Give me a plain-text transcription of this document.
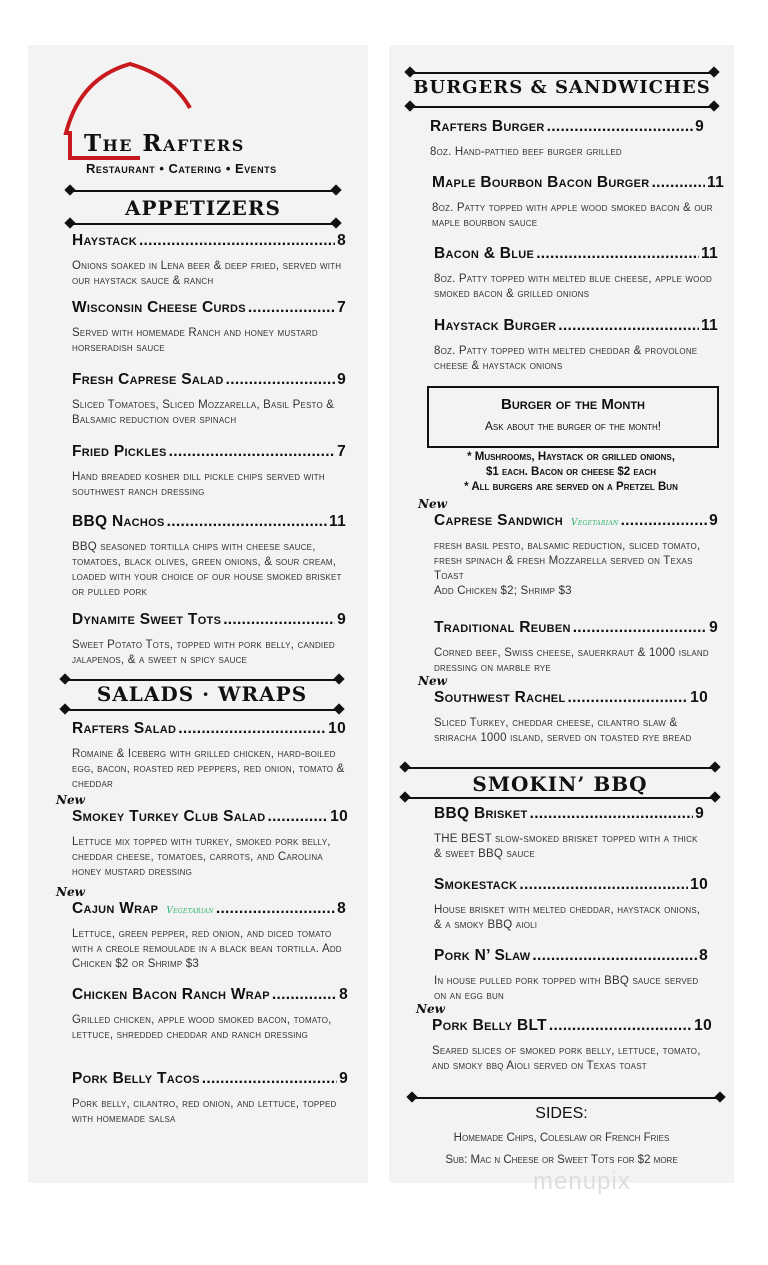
The Rafters
Restaurant • Catering • Events
APPETIZERS
SALADS · WRAPS
BURGERS & SANDWICHES
Burger of the Month
Ask about the burger of the month!
* Mushrooms, Haystack or grilled onions,
$1 each. Bacon or cheese $2 each
* All burgers are served on a Pretzel Bun
SMOKIN’ BBQ
SIDES:
Homemade Chips, Coleslaw or French Fries
Sub: Mac n Cheese or Sweet Tots for $2 more
menupix
Haystack .....	8
Onions soaked in Lena beer & deep fried, served with our haystack sauce & ranch
Wisconsin Cheese Curds .....	7
Served with homemade Ranch and honey mustard horseradish sauce
Fresh Caprese Salad .....	9
Sliced Tomatoes, Sliced Mozzarella, Basil Pesto & Balsamic reduction over spinach
Fried Pickles .....	7
Hand breaded kosher dill pickle chips served with southwest ranch dressing
BBQ Nachos .....	11
BBQ seasoned tortilla chips with cheese sauce, tomatoes, black olives, green onions, & sour cream, loaded with your choice of our house smoked brisket or pulled pork
Dynamite Sweet Tots .....	9
Sweet Potato Tots, topped with pork belly, candied jalapenos, & a sweet n spicy sauce
Rafters Salad .....	10
Romaine & Iceberg with grilled chicken, hard-boiled egg, bacon, roasted red peppers, red onion, tomato & cheddar
New
Smokey Turkey Club Salad .....	10
Lettuce mix topped with turkey, smoked pork belly, cheddar cheese, tomatoes, carrots, and Carolina honey mustard dressing
New
Cajun Wrap Vegetarian .....	8
Lettuce, green pepper, red onion, and diced tomato with a creole remoulade in a black bean tortilla. Add Chicken $2 or Shrimp $3
Chicken Bacon Ranch Wrap .....	8
Grilled chicken, apple wood smoked bacon, tomato, lettuce, shredded cheddar and ranch dressing
Pork Belly Tacos .....	9
Pork belly, cilantro, red onion, and lettuce, topped with homemade salsa
Rafters Burger .....	9
8oz. Hand-pattied beef burger grilled
Maple Bourbon Bacon Burger .....	11
8oz. Patty topped with apple wood smoked bacon & our maple bourbon sauce
Bacon & Blue .....	11
8oz. Patty topped with melted blue cheese, apple wood smoked bacon & grilled onions
Haystack Burger .....	11
8oz. Patty topped with melted cheddar & provolone cheese & haystack onions
New
Caprese Sandwich Vegetarian .....	9
fresh basil pesto, balsamic reduction, sliced tomato, fresh spinach & fresh Mozzarella served on Texas Toast
Add Chicken $2; Shrimp $3
Traditional Reuben .....	9
Corned beef, Swiss cheese, sauerkraut & 1000 island dressing on marble rye
New
Southwest Rachel .....	10
Sliced Turkey, cheddar cheese, cilantro slaw & sriracha 1000 island, served on toasted rye bread
BBQ Brisket .....	9
THE BEST slow-smoked brisket topped with a thick & sweet BBQ sauce
Smokestack .....	10
House brisket with melted cheddar, haystack onions, & a smoky BBQ aioli
Pork N’ Slaw .....	8
In house pulled pork topped with BBQ sauce served on an egg bun
New
Pork Belly BLT .....	10
Seared slices of smoked pork belly, lettuce, tomato, and smoky bbq Aioli served on Texas toast
